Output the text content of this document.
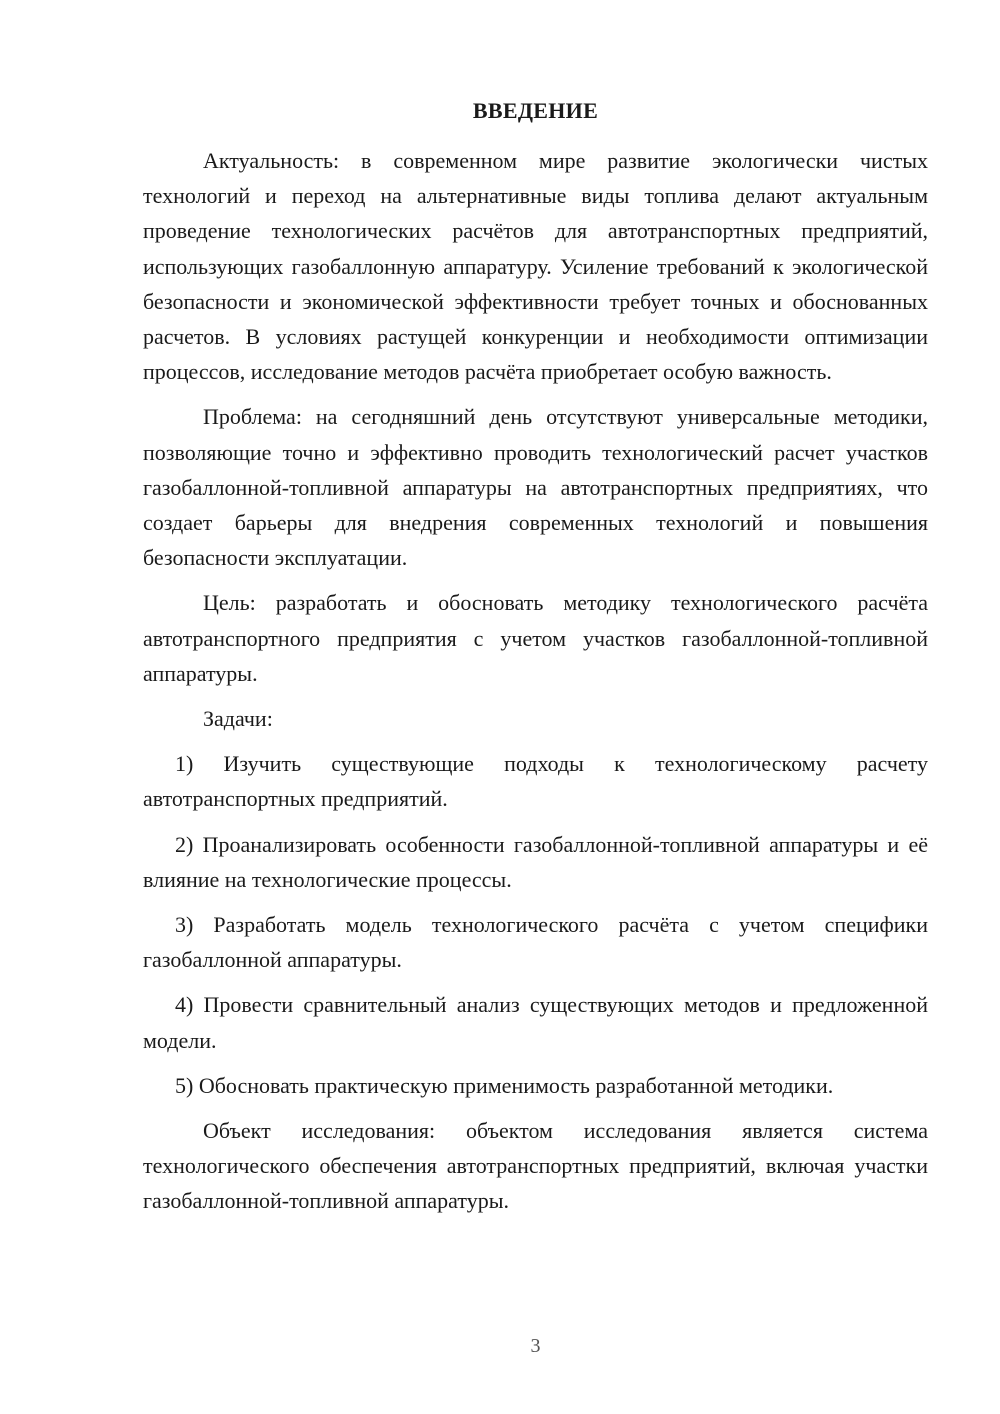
ВВЕДЕНИЕ

Актуальность: в современном мире развитие экологически чистых технологий и переход на альтернативные виды топлива делают актуальным проведение технологических расчётов для автотранспортных предприятий, использующих газобаллонную аппаратуру. Усиление требований к экологической безопасности и экономической эффективности требует точных и обоснованных расчетов. В условиях растущей конкуренции и необходимости оптимизации процессов, исследование методов расчёта приобретает особую важность.

Проблема: на сегодняшний день отсутствуют универсальные методики, позволяющие точно и эффективно проводить технологический расчет участков газобаллонной-топливной аппаратуры на автотранспортных предприятиях, что создает барьеры для внедрения современных технологий и повышения безопасности эксплуатации.

Цель: разработать и обосновать методику технологического расчёта автотранспортного предприятия с учетом участков газобаллонной-топливной аппаратуры.

Задачи:

1) Изучить существующие подходы к технологическому расчету автотранспортных предприятий.

2) Проанализировать особенности газобаллонной-топливной аппаратуры и её влияние на технологические процессы.

3) Разработать модель технологического расчёта с учетом специфики газобаллонной аппаратуры.

4) Провести сравнительный анализ существующих методов и предложенной модели.

5) Обосновать практическую применимость разработанной методики.

Объект исследования: объектом исследования является система технологического обеспечения автотранспортных предприятий, включая участки газобаллонной-топливной аппаратуры.

3
